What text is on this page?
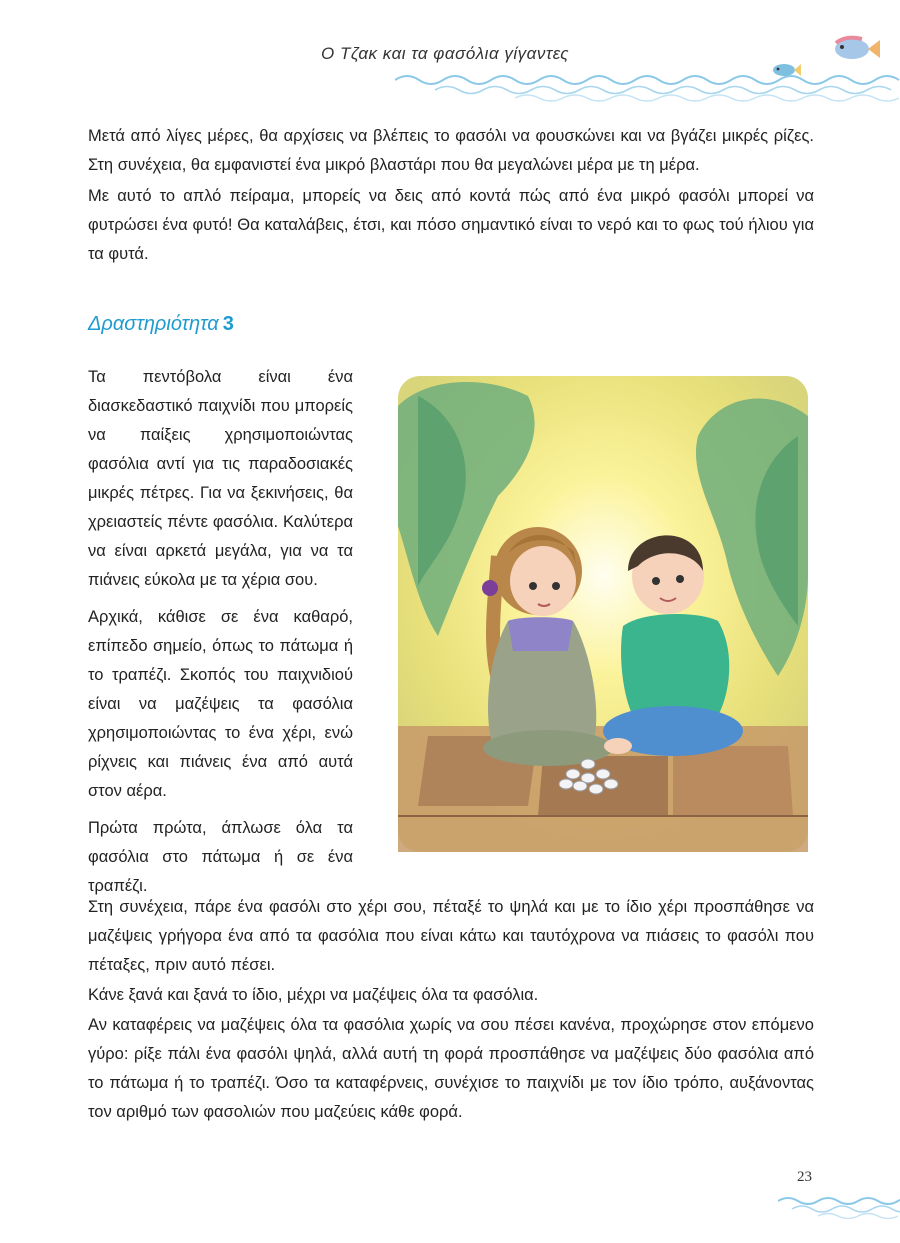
Ο Τζακ και τα φασόλια γίγαντες

Μετά από λίγες μέρες, θα αρχίσεις να βλέπεις το φασόλι να φουσκώνει και να βγάζει μικρές ρίζες. Στη συνέχεια, θα εμφανιστεί ένα μικρό βλαστάρι που θα μεγαλώνει μέρα με τη μέρα.

Με αυτό το απλό πείραμα, μπορείς να δεις από κοντά πώς από ένα μικρό φασόλι μπορεί να φυτρώσει ένα φυτό! Θα καταλάβεις, έτσι, και πόσο σημαντικό είναι το νερό και το φως τού ήλιου για τα φυτά.

Δραστηριότητα 3

Τα πεντόβολα είναι ένα διασκεδαστικό παιχνίδι που μπορείς να παίξεις χρησιμοποιώντας φασόλια αντί για τις παραδοσιακές μικρές πέτρες. Για να ξεκινήσεις, θα χρειαστείς πέντε φασόλια. Καλύτερα να είναι αρκετά μεγάλα, για να τα πιάνεις εύκολα με τα χέρια σου.

Αρχικά, κάθισε σε ένα καθαρό, επίπεδο σημείο, όπως το πάτωμα ή το τραπέζι. Σκοπός του παιχνιδιού είναι να μαζέψεις τα φασόλια χρησιμοποιώντας το ένα χέρι, ενώ ρίχνεις και πιάνεις ένα από αυτά στον αέρα.

Πρώτα πρώτα, άπλωσε όλα τα φασόλια στο πάτωμα ή σε ένα τραπέζι.

Στη συνέχεια, πάρε ένα φασόλι στο χέρι σου, πέταξέ το ψηλά και με το ίδιο χέρι προσπάθησε να μαζέψεις γρήγορα ένα από τα φασόλια που είναι κάτω και ταυτόχρονα να πιάσεις το φασόλι που πέταξες, πριν αυτό πέσει.

Κάνε ξανά και ξανά το ίδιο, μέχρι να μαζέψεις όλα τα φασόλια.

Αν καταφέρεις να μαζέψεις όλα τα φασόλια χωρίς να σου πέσει κανένα, προχώρησε στον επόμενο γύρο: ρίξε πάλι ένα φασόλι ψηλά, αλλά αυτή τη φορά προσπάθησε να μαζέψεις δύο φασόλια από το πάτωμα ή το τραπέζι. Όσο τα καταφέρνεις, συνέχισε το παιχνίδι με τον ίδιο τρόπο, αυξάνοντας τον αριθμό των φασολιών που μαζεύεις κάθε φορά.

23
